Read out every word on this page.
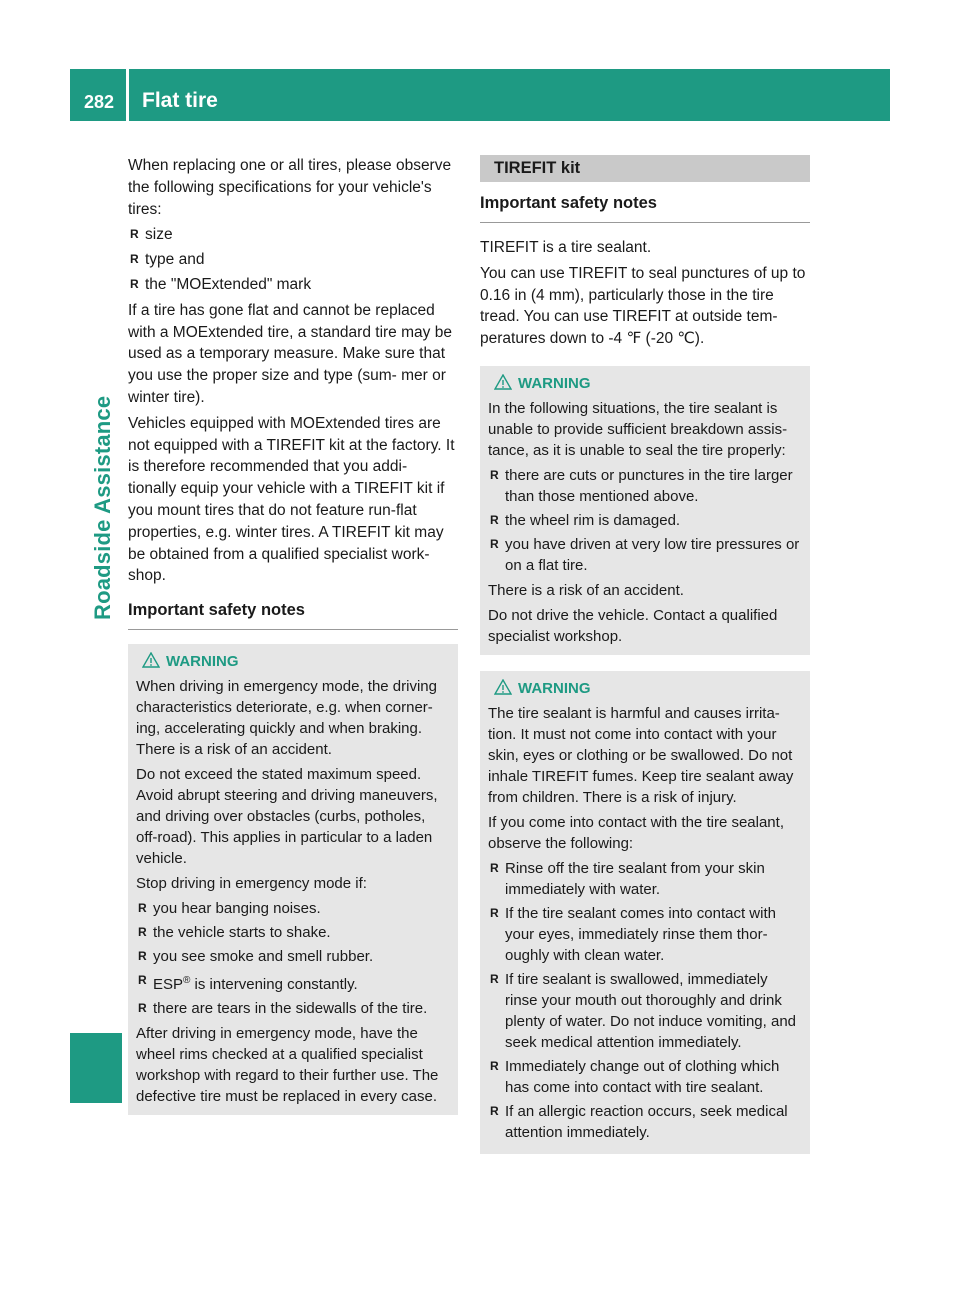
282 Flat tire
Roadside Assistance

When replacing one or all tires, please observe the following specifications for your vehicle's tires:

R size
R type and
R the "MOExtended" mark

If a tire has gone flat and cannot be replaced with a MOExtended tire, a standard tire may be used as a temporary measure. Make sure that you use the proper size and type (sum- mer or winter tire).

Vehicles equipped with MOExtended tires are not equipped with a TIREFIT kit at the factory. It is therefore recommended that you addi- tionally equip your vehicle with a TIREFIT kit if you mount tires that do not feature run-flat properties, e.g. winter tires. A TIREFIT kit may be obtained from a qualified specialist work- shop.

Important safety notes
WARNING

When driving in emergency mode, the driving characteristics deteriorate, e.g. when corner- ing, accelerating quickly and when braking. There is a risk of an accident.

Do not exceed the stated maximum speed. Avoid abrupt steering and driving maneuvers, and driving over obstacles (curbs, potholes, off-road). This applies in particular to a laden vehicle.

Stop driving in emergency mode if:

R you hear banging noises.
R the vehicle starts to shake.
R you see smoke and smell rubber.
R ESP® is intervening constantly.
R there are tears in the sidewalls of the tire.

After driving in emergency mode, have the wheel rims checked at a qualified specialist workshop with regard to their further use. The defective tire must be replaced in every case.

TIREFIT kit
Important safety notes

TIREFIT is a tire sealant.

You can use TIREFIT to seal punctures of up to 0.16 in (4 mm), particularly those in the tire tread. You can use TIREFIT at outside tem- peratures down to -4 ℉ (-20 ℃).

WARNING

In the following situations, the tire sealant is unable to provide sufficient breakdown assis- tance, as it is unable to seal the tire properly:

R there are cuts or punctures in the tire larger than those mentioned above.
R the wheel rim is damaged.
R you have driven at very low tire pressures or on a flat tire.

There is a risk of an accident.

Do not drive the vehicle. Contact a qualified specialist workshop.

WARNING

The tire sealant is harmful and causes irrita- tion. It must not come into contact with your skin, eyes or clothing or be swallowed. Do not inhale TIREFIT fumes. Keep tire sealant away from children. There is a risk of injury.

If you come into contact with the tire sealant, observe the following:

R Rinse off the tire sealant from your skin immediately with water.
R If the tire sealant comes into contact with your eyes, immediately rinse them thor- oughly with clean water.
R If tire sealant is swallowed, immediately rinse your mouth out thoroughly and drink plenty of water. Do not induce vomiting, and seek medical attention immediately.
R Immediately change out of clothing which has come into contact with tire sealant.
R If an allergic reaction occurs, seek medical attention immediately.
